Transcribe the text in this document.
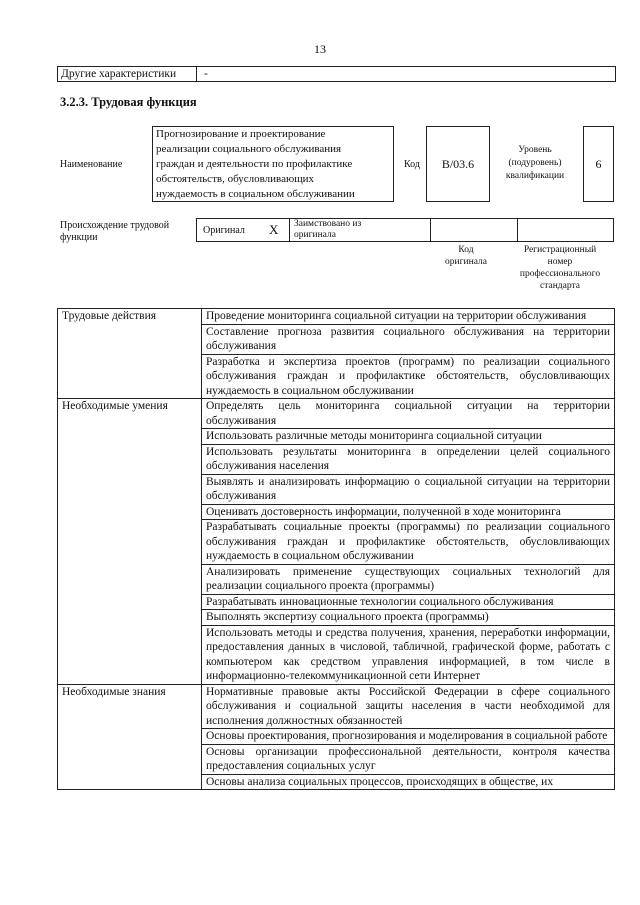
13
Другие характеристики -
3.2.3. Трудовая функция
Наименование
Прогнозирование и проектирование
реализации социального обслуживания
граждан и деятельности по профилактике
обстоятельств, обусловливающих
нуждаемость в социальном обслуживании
Код	В/03.6
Уровень
(подуровень)
квалификации
6
Происхождение трудовой
функции
Оригинал X Заимствовано из
оригинала
Код
оригинала
Регистрационный
номер
профессионального
стандарта
Трудовые действия	Проведение мониторинга социальной ситуации на территории обслуживания
	Составление прогноза развития социального обслуживания на территории обслуживания
	Разработка и экспертиза проектов (программ) по реализации социального обслуживания граждан и профилактике обстоятельств, обусловливающих нуждаемость в социальном обслуживании
Необходимые умения	Определять цель мониторинга социальной ситуации на территории обслуживания
	Использовать различные методы мониторинга социальной ситуации
	Использовать результаты мониторинга в определении целей социального обслуживания населения
	Выявлять и анализировать информацию о социальной ситуации на территории обслуживания
	Оценивать достоверность информации, полученной в ходе мониторинга
	Разрабатывать социальные проекты (программы) по реализации социального обслуживания граждан и профилактике обстоятельств, обусловливающих нуждаемость в социальном обслуживании
	Анализировать применение существующих социальных технологий для реализации социального проекта (программы)
	Разрабатывать инновационные технологии социального обслуживания
	Выполнять экспертизу социального проекта (программы)
	Использовать методы и средства получения, хранения, переработки информации, предоставления данных в числовой, табличной, графической форме, работать с компьютером как средством управления информацией, в том числе в информационно-телекоммуникационной сети Интернет
Необходимые знания	Нормативные правовые акты Российской Федерации в сфере социального обслуживания и социальной защиты населения в части необходимой для исполнения должностных обязанностей
	Основы проектирования, прогнозирования и моделирования в социальной работе
	Основы организации профессиональной деятельности, контроля качества предоставления социальных услуг
	Основы анализа социальных процессов, происходящих в обществе, их
